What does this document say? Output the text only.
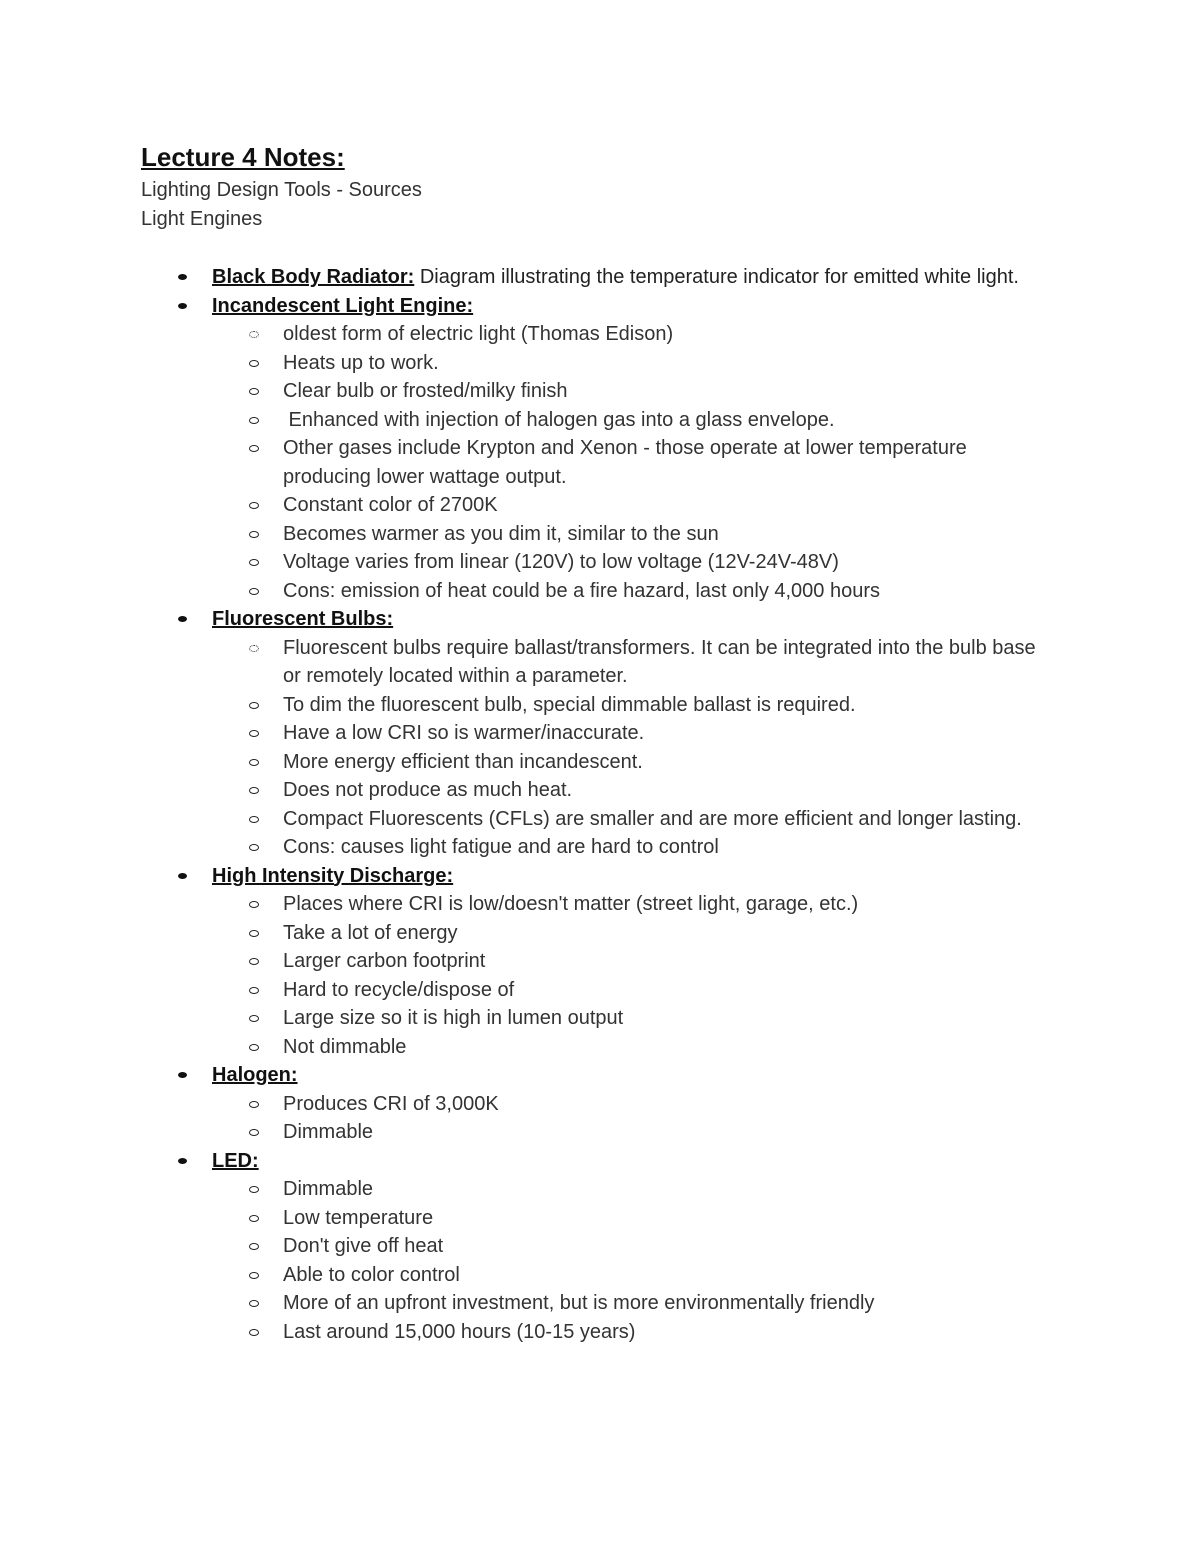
Lecture 4 Notes:

Lighting Design Tools - Sources

Light Engines

Black Body Radiator: Diagram illustrating the temperature indicator for emitted white light.
Incandescent Light Engine:
oldest form of electric light (Thomas Edison)
Heats up to work.
Clear bulb or frosted/milky finish
Enhanced with injection of halogen gas into a glass envelope.
Other gases include Krypton and Xenon - those operate at lower temperature producing lower wattage output.
Constant color of 2700K
Becomes warmer as you dim it, similar to the sun
Voltage varies from linear (120V) to low voltage (12V-24V-48V)
Cons: emission of heat could be a fire hazard, last only 4,000 hours
Fluorescent Bulbs:
Fluorescent bulbs require ballast/transformers. It can be integrated into the bulb base or remotely located within a parameter.
To dim the fluorescent bulb, special dimmable ballast is required.
Have a low CRI so is warmer/inaccurate.
More energy efficient than incandescent.
Does not produce as much heat.
Compact Fluorescents (CFLs) are smaller and are more efficient and longer lasting.
Cons: causes light fatigue and are hard to control
High Intensity Discharge:
Places where CRI is low/doesn't matter (street light, garage, etc.)
Take a lot of energy
Larger carbon footprint
Hard to recycle/dispose of
Large size so it is high in lumen output
Not dimmable
Halogen:
Produces CRI of 3,000K
Dimmable
LED:
Dimmable
Low temperature
Don't give off heat
Able to color control
More of an upfront investment, but is more environmentally friendly
Last around 15,000 hours (10-15 years)
